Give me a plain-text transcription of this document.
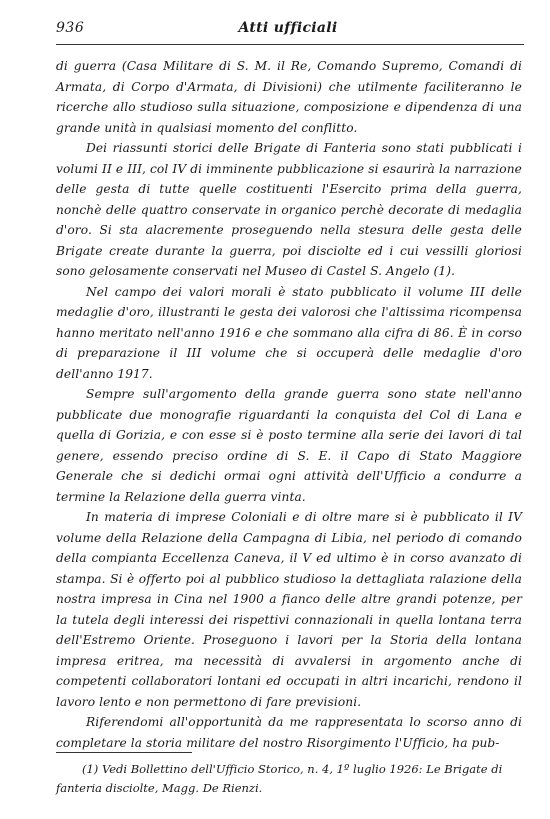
936	Atti ufficiali

di guerra (Casa Militare di S. M. il Re, Comando Supremo, Comandi di Armata, di Corpo d'Armata, di Divisioni) che utilmente faciliteranno le ricerche allo studioso sulla situazione, composizione e dipendenza di una grande unità in qualsiasi momento del conflitto.

Dei riassunti storici delle Brigate di Fanteria sono stati pubblicati i volumi II e III, col IV di imminente pubblicazione si esaurirà la narrazione delle gesta di tutte quelle costituenti l'Esercito prima della guerra, nonchè delle quattro conservate in organico perchè decorate di medaglia d'oro. Si sta alacremente proseguendo nella stesura delle gesta delle Brigate create durante la guerra, poi disciolte ed i cui vessilli gloriosi sono gelosamente conservati nel Museo di Castel S. Angelo (1).

Nel campo dei valori morali è stato pubblicato il volume III delle medaglie d'oro, illustranti le gesta dei valorosi che l'altissima ricompensa hanno meritato nell'anno 1916 e che sommano alla cifra di 86. È in corso di preparazione il III volume che si occuperà delle medaglie d'oro dell'anno 1917.

Sempre sull'argomento della grande guerra sono state nell'anno pubblicate due monografie riguardanti la conquista del Col di Lana e quella di Gorizia, e con esse si è posto termine alla serie dei lavori di tal genere, essendo preciso ordine di S. E. il Capo di Stato Maggiore Generale che si dedichi ormai ogni attività dell'Ufficio a condurre a termine la Relazione della guerra vinta.

In materia di imprese Coloniali e di oltre mare si è pubblicato il IV volume della Relazione della Campagna di Libia, nel periodo di comando della compianta Eccellenza Caneva, il V ed ultimo è in corso avanzato di stampa. Si è offerto poi al pubblico studioso la dettagliata ralazione della nostra impresa in Cina nel 1900 a fianco delle altre grandi potenze, per la tutela degli interessi dei rispettivi connazionali in quella lontana terra dell'Estremo Oriente. Proseguono i lavori per la Storia della lontana impresa eritrea, ma necessità di avvalersi in argomento anche di competenti collaboratori lontani ed occupati in altri incarichi, rendono il lavoro lento e non permettono di fare previsioni.

Riferendomi all'opportunità da me rappresentata lo scorso anno di completare la storia militare del nostro Risorgimento l'Ufficio, ha pub-

(1) Vedi Bollettino dell'Ufficio Storico, n. 4, 1º luglio 1926: Le Brigate di fanteria disciolte, Magg. De Rienzi.
